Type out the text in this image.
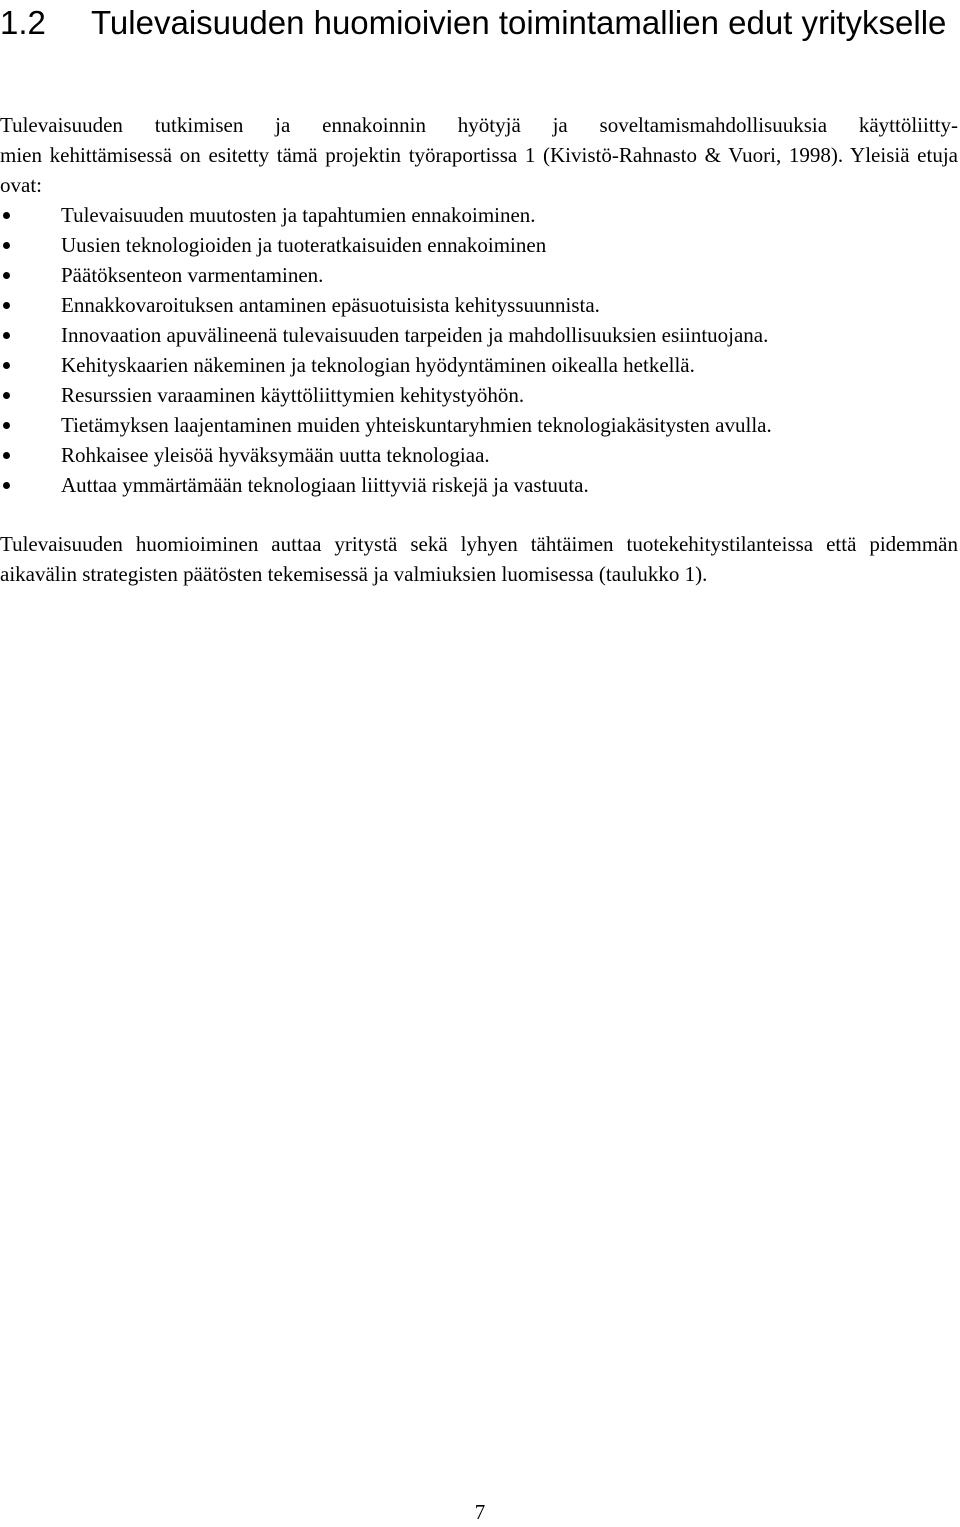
1.2	Tulevaisuuden huomioivien toimintamallien edut yritykselle

Tulevaisuuden tutkimisen ja ennakoinnin hyötyjä ja soveltamismahdollisuuksia käyttöliitty-
mien kehittämisessä on esitetty tämä projektin työraportissa 1 (Kivistö-Rahnasto & Vuori, 1998). Yleisiä etuja ovat:

Tulevaisuuden muutosten ja tapahtumien ennakoiminen.
Uusien teknologioiden ja tuoteratkaisuiden ennakoiminen
Päätöksenteon varmentaminen.
Ennakkovaroituksen antaminen epäsuotuisista kehityssuunnista.
Innovaation apuvälineenä tulevaisuuden tarpeiden ja mahdollisuuksien esiintuojana.
Kehityskaarien näkeminen ja teknologian hyödyntäminen oikealla hetkellä.
Resurssien varaaminen käyttöliittymien kehitystyöhön.
Tietämyksen laajentaminen muiden yhteiskuntaryhmien teknologiakäsitysten avulla.
Rohkaisee yleisöä hyväksymään uutta teknologiaa.
Auttaa ymmärtämään teknologiaan liittyviä riskejä ja vastuuta.

Tulevaisuuden huomioiminen auttaa yritystä sekä lyhyen tähtäimen tuotekehitystilanteissa että pidemmän aikavälin strategisten päätösten tekemisessä ja valmiuksien luomisessa (taulukko 1).

7
